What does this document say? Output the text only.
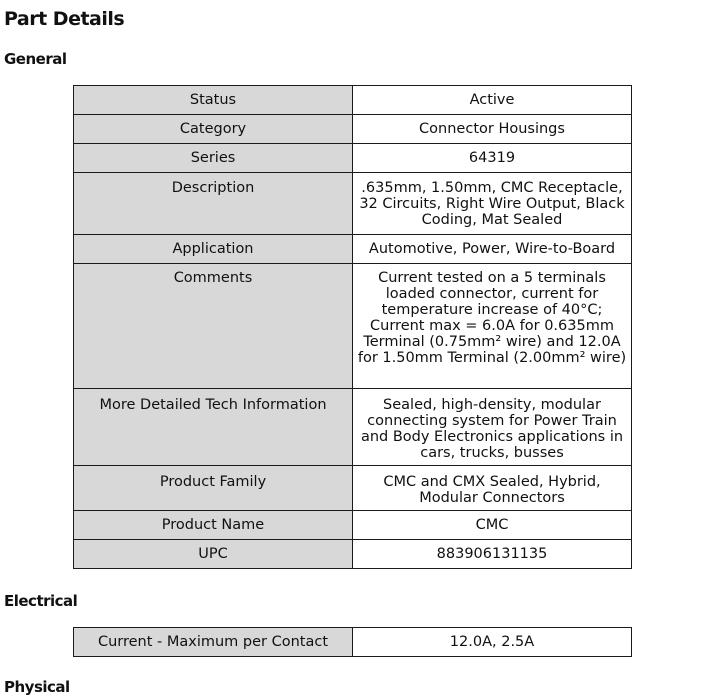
Part Details
General
Status	Active
Category	Connector Housings
Series	64319
Description	.635mm, 1.50mm, CMC Receptacle, 32 Circuits, Right Wire Output, Black Coding, Mat Sealed
Application	Automotive, Power, Wire-to-Board
Comments	Current tested on a 5 terminals loaded connector, current for temperature increase of 40°C; Current max = 6.0A for 0.635mm Terminal (0.75mm² wire) and 12.0A for 1.50mm Terminal (2.00mm² wire)
More Detailed Tech Information	Sealed, high-density, modular connecting system for Power Train and Body Electronics applications in cars, trucks, busses
Product Family	CMC and CMX Sealed, Hybrid, Modular Connectors
Product Name	CMC
UPC	883906131135
Electrical
Current - Maximum per Contact	12.0A, 2.5A
Physical
